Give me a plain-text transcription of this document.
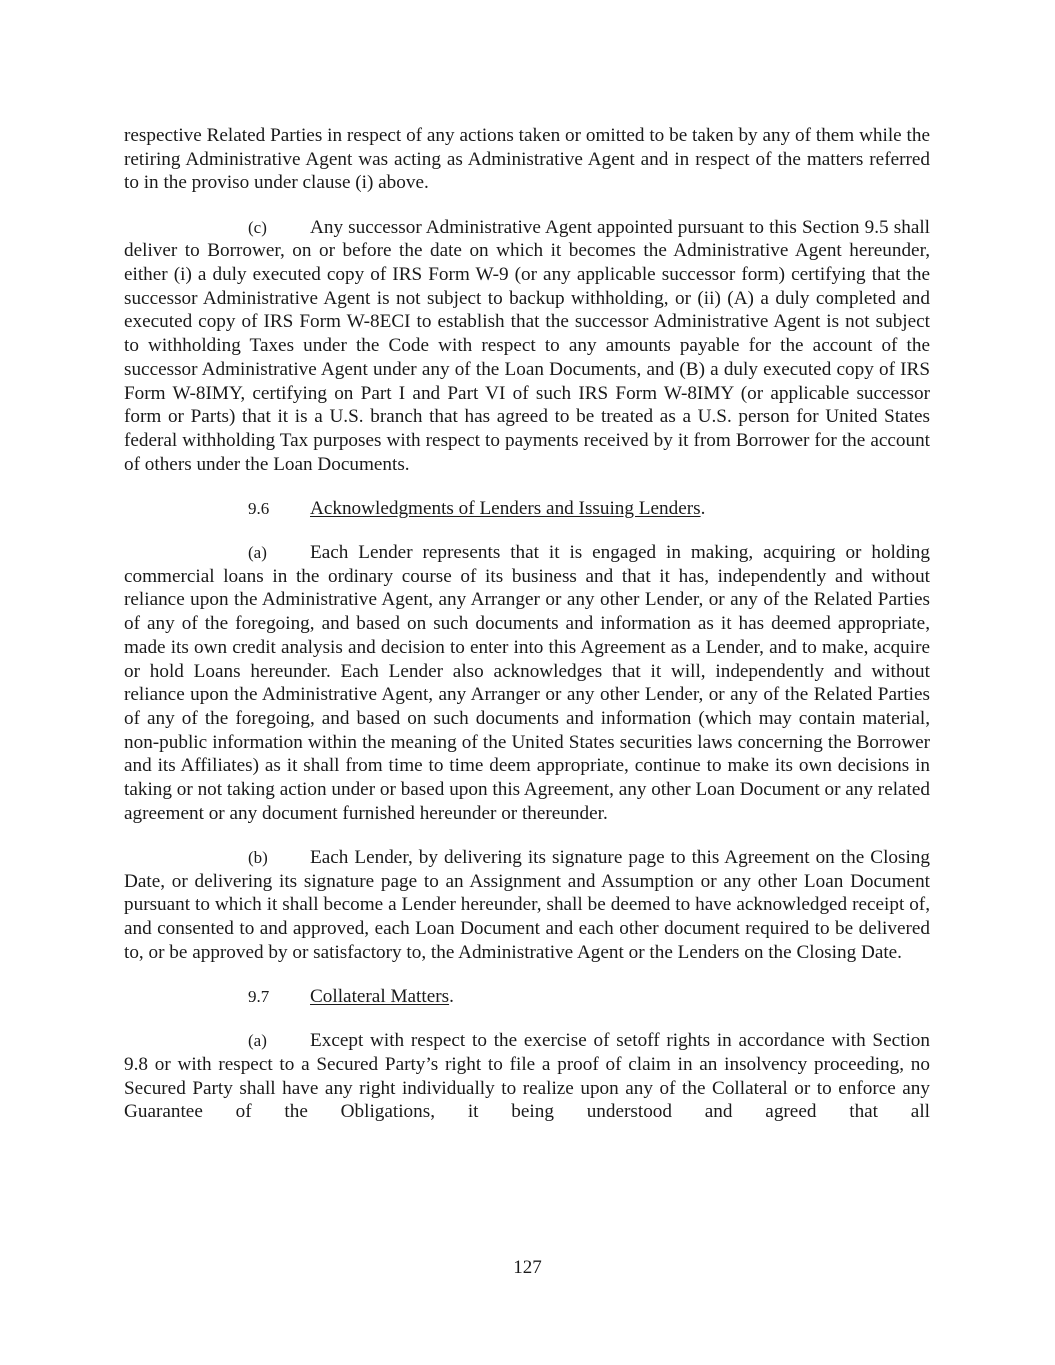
respective Related Parties in respect of any actions taken or omitted to be taken by any of them while the retiring Administrative Agent was acting as Administrative Agent and in respect of the matters referred to in the proviso under clause (i) above.

(c) Any successor Administrative Agent appointed pursuant to this Section 9.5 shall deliver to Borrower, on or before the date on which it becomes the Administrative Agent hereunder, either (i) a duly executed copy of IRS Form W-9 (or any applicable successor form) certifying that the successor Administrative Agent is not subject to backup withholding, or (ii) (A) a duly completed and executed copy of IRS Form W-8ECI to establish that the successor Administrative Agent is not subject to withholding Taxes under the Code with respect to any amounts payable for the account of the successor Administrative Agent under any of the Loan Documents, and (B) a duly executed copy of IRS Form W-8IMY, certifying on Part I and Part VI of such IRS Form W-8IMY (or applicable successor form or Parts) that it is a U.S. branch that has agreed to be treated as a U.S. person for United States federal withholding Tax purposes with respect to payments received by it from Borrower for the account of others under the Loan Documents.

9.6 Acknowledgments of Lenders and Issuing Lenders.

(a) Each Lender represents that it is engaged in making, acquiring or holding commercial loans in the ordinary course of its business and that it has, independently and without reliance upon the Administrative Agent, any Arranger or any other Lender, or any of the Related Parties of any of the foregoing, and based on such documents and information as it has deemed appropriate, made its own credit analysis and decision to enter into this Agreement as a Lender, and to make, acquire or hold Loans hereunder. Each Lender also acknowledges that it will, independently and without reliance upon the Administrative Agent, any Arranger or any other Lender, or any of the Related Parties of any of the foregoing, and based on such documents and information (which may contain material, non-public information within the meaning of the United States securities laws concerning the Borrower and its Affiliates) as it shall from time to time deem appropriate, continue to make its own decisions in taking or not taking action under or based upon this Agreement, any other Loan Document or any related agreement or any document furnished hereunder or thereunder.

(b) Each Lender, by delivering its signature page to this Agreement on the Closing Date, or delivering its signature page to an Assignment and Assumption or any other Loan Document pursuant to which it shall become a Lender hereunder, shall be deemed to have acknowledged receipt of, and consented to and approved, each Loan Document and each other document required to be delivered to, or be approved by or satisfactory to, the Administrative Agent or the Lenders on the Closing Date.

9.7 Collateral Matters.

(a) Except with respect to the exercise of setoff rights in accordance with Section 9.8 or with respect to a Secured Party’s right to file a proof of claim in an insolvency proceeding, no Secured Party shall have any right individually to realize upon any of the Collateral or to enforce any Guarantee of the Obligations, it being understood and agreed that all

127
